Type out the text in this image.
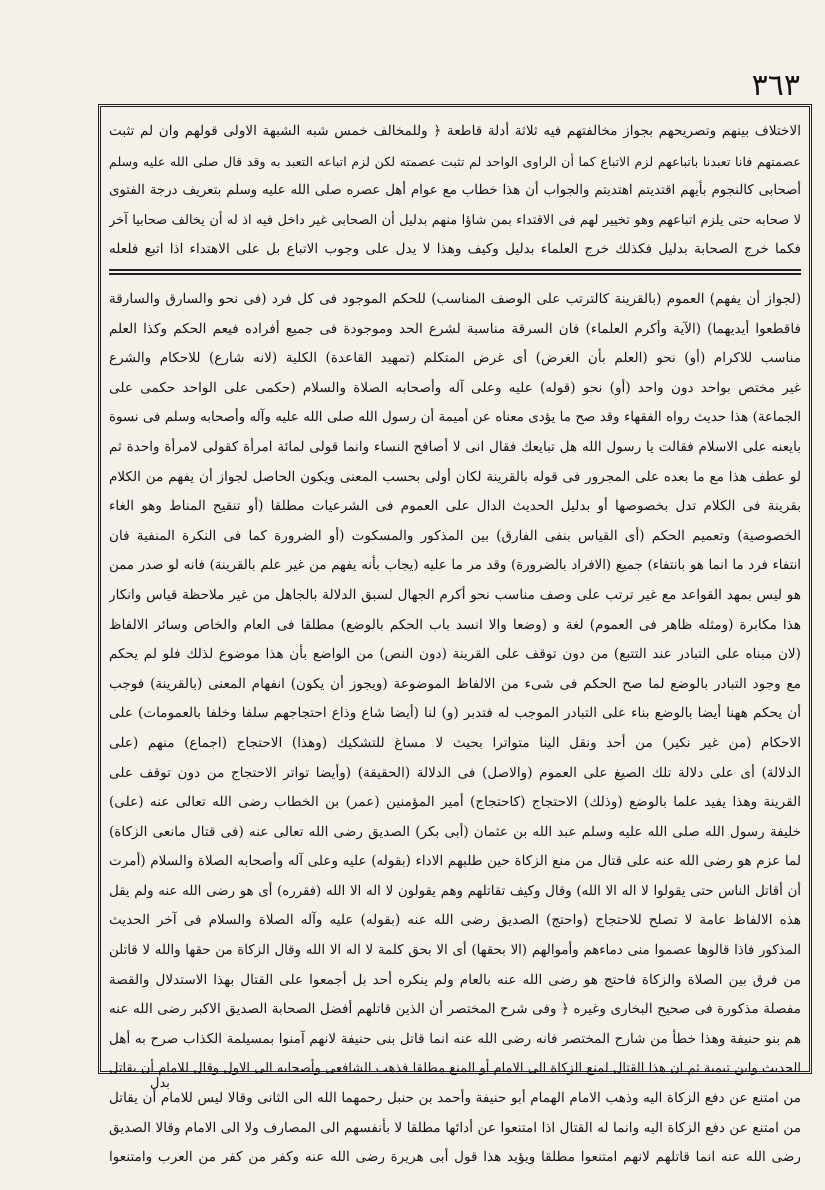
٣٦٣
الاختلاف بينهم وتصريحهم بجواز مخالفتهم فيه ثلاثة أدلة قاطعة ﴿ وللمخالف خمس شبه الشبهة الاولى قولهم وان لم تثبت
عصمتهم فانا تعبدنا باتباعهم لزم الاتباع كما أن الراوى الواحد لم تثبت عصمته لكن لزم اتباعه التعبد به وقد قال صلى الله عليه وسلم
أصحابى كالنجوم بأيهم اقتديتم اهتديتم والجواب أن هذا خطاب مع عوام أهل عصره صلى الله عليه وسلم بتعريف درجة الفتوى
لا صحابه حتى يلزم اتباعهم وهو تخيير لهم فى الاقتداء بمن شاؤا منهم بدليل أن الصحابى غير داخل فيه اذ له أن يخالف صحابيا آخر
فكما خرج الصحابة بدليل فكذلك خرج العلماء بدليل وكيف وهذا لا يدل على وجوب الاتباع بل على الاهتداء اذا اتبع فلعله
(لجواز أن يفهم) العموم (بالقرينة كالترتب على الوصف المناسب) للحكم الموجود فى كل فرد (فى نحو والسارق والسارقة
فاقطعوا أيديهما) (الآية وأكرم العلماء) فان السرقة مناسبة لشرع الحد وموجودة فى جميع أفراده فيعم الحكم وكذا العلم
مناسب للاكرام (أو) نحو (العلم بأن الغرض) أى غرض المتكلم (تمهيد القاعدة) الكلية (لانه شارع) للاحكام والشرع
غير مختص بواحد دون واحد (أو) نحو (قوله) عليه وعلى آله وأصحابه الصلاة والسلام (حكمى على الواحد حكمى على
الجماعة) هذا حديث رواه الفقهاء وقد صح ما يؤدى معناه عن أميمة أن رسول الله صلى الله عليه وآله وأصحابه وسلم فى نسوة
بايعنه على الاسلام فقالت يا رسول الله هل تبايعك فقال انى لا أصافح النساء وانما قولى لمائة امرأة كقولى لامرأة واحدة ثم
لو عطف هذا مع ما بعده على المجرور فى قوله بالقرينة لكان أولى بحسب المعنى ويكون الحاصل لجواز أن يفهم من الكلام
بقرينة فى الكلام تدل بخصوصها أو بدليل الحديث الدال على العموم فى الشرعيات مطلقا (أو تنقيح المناط وهو الغاء
الخصوصية) وتعميم الحكم (أى القياس بنفى الفارق) بين المذكور والمسكوت (أو الضرورة كما فى النكرة المنفية فان
انتفاء فرد ما انما هو بانتفاء) جميع (الافراد بالضرورة) وقد مر ما عليه (يجاب بأنه يفهم من غير علم بالقرينة) فانه لو صدر ممن
هو ليس بمهد القواعد مع غير ترتب على وصف مناسب نحو أكرم الجهال لسبق الدلالة بالجاهل من غير ملاحظة قياس وانكار
هذا مكابرة (ومثله ظاهر فى العموم) لغة و (وضعا والا انسد باب الحكم بالوضع) مطلقا فى العام والخاص وسائر الالفاظ
(لان مبناه على التبادر عند التتبع) من دون توقف على القرينة (دون النص) من الواضع بأن هذا موضوع لذلك فلو لم يحكم
مع وجود التبادر بالوضع لما صح الحكم فى شىء من الالفاظ الموضوعة (ويجوز أن يكون) انفهام المعنى (بالقرينة) فوجب
أن يحكم ههنا أيضا بالوضع بناء على التبادر الموجب له فتدبر (و) لنا (أيضا شاع وذاع احتجاجهم سلفا وخلفا بالعمومات) على
الاحكام (من غير نكير) من أحد ونقل الينا متواترا بحيث لا مساغ للتشكيك (وهذا) الاحتجاج (اجماع) منهم (على
الدلالة) أى على دلالة تلك الصيغ على العموم (والاصل) فى الدلالة (الحقيقة) (وأيضا تواتر الاحتجاج من دون توقف على
القرينة وهذا يفيد علما بالوضع (وذلك) الاحتجاج (كاحتجاج) أمير المؤمنين (عمر) بن الخطاب رضى الله تعالى عنه (على)
خليفة رسول الله صلى الله عليه وسلم عبد الله بن عثمان (أبى بكر) الصديق رضى الله تعالى عنه (فى قتال مانعى الزكاة)
لما عزم هو رضى الله عنه على قتال من منع الزكاة حين طلبهم الاداء (بقوله) عليه وعلى آله وأصحابه الصلاة والسلام (أمرت
أن أقاتل الناس حتى يقولوا لا اله الا الله) وقال وكيف تقاتلهم وهم يقولون لا اله الا الله (فقرره) أى هو رضى الله عنه ولم يقل
هذه الالفاظ عامة لا تصلح للاحتجاج (واحتج) الصديق رضى الله عنه (بقوله) عليه وآله الصلاة والسلام فى آخر الحديث
المذكور فاذا قالوها عصموا منى دماءهم وأموالهم (الا بحقها) أى الا بحق كلمة لا اله الا الله وقال الزكاة من حقها والله لا قاتلن
من فرق بين الصلاة والزكاة فاحتج هو رضى الله عنه بالعام ولم ينكره أحد بل أجمعوا على القتال بهذا الاستدلال والقصة
مفصلة مذكورة فى صحيح البخارى وغيره ﴿ وفى شرح المختصر أن الذين قاتلهم أفضل الصحابة الصديق الاكبر رضى الله عنه
هم بنو حنيفة وهذا خطأ من شارح المختصر فانه رضى الله عنه انما قاتل بنى حنيفة لانهم آمنوا بمسيلمة الكذاب صرح به أهل
الحديث وابن تيمية ثم ان هذا القتال لمنع الزكاة الى الامام أو المنع مطلقا فذهب الشافعى وأصحابه الى الاول وقال للامام أن يقاتل
من امتنع عن دفع الزكاة اليه وذهب الامام الهمام أبو حنيفة وأحمد بن حنبل رحمهما الله الى الثانى وقالا ليس للامام أن يقاتل
من امتنع عن دفع الزكاة اليه وانما له القتال اذا امتنعوا عن أدائها مطلقا لا بأنفسهم الى المصارف ولا الى الامام وقالا الصديق
رضى الله عنه انما قاتلهم لانهم امتنعوا مطلقا ويؤيد هذا قول أبى هريرة رضى الله عنه وكفر من كفر من العرب وامتنعوا
بدل
